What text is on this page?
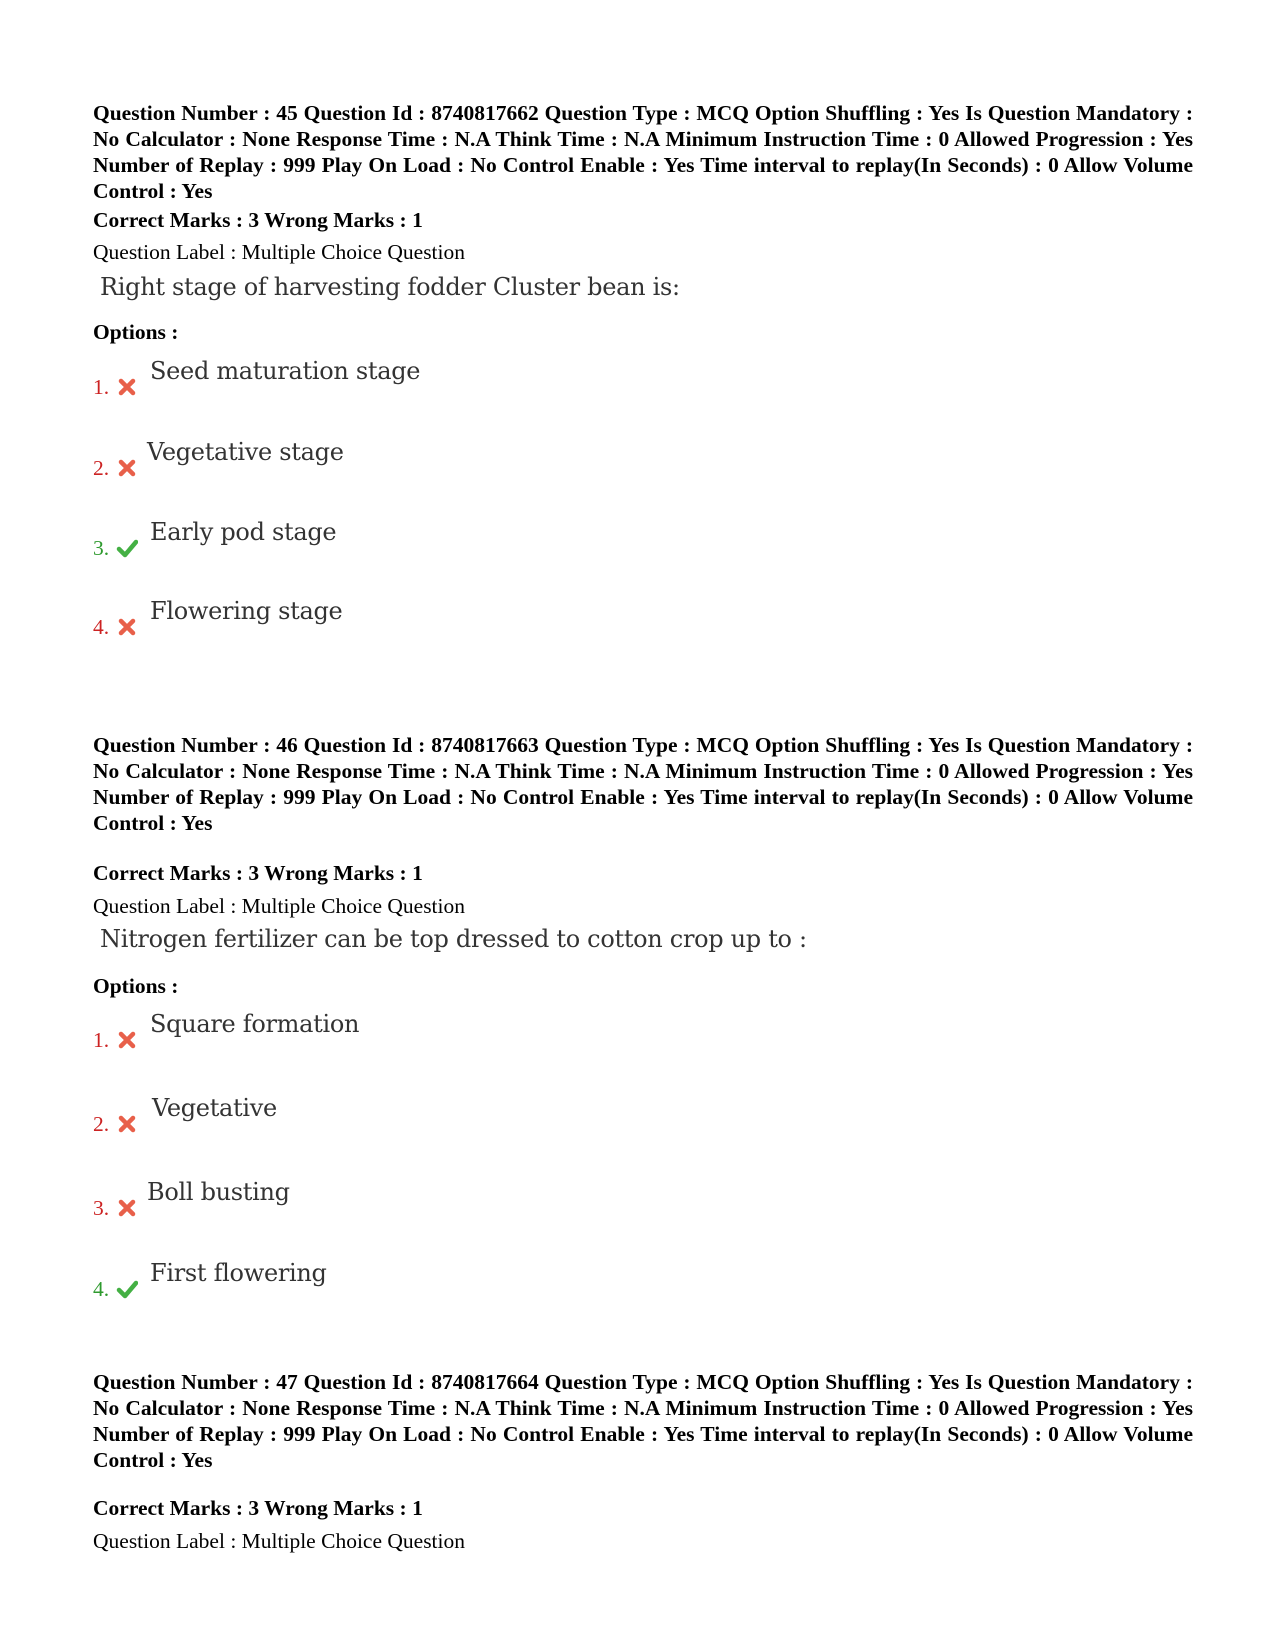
Question Number : 45 Question Id : 8740817662 Question Type : MCQ Option Shuffling : Yes Is Question Mandatory : No Calculator : None Response Time : N.A Think Time : N.A Minimum Instruction Time : 0 Allowed Progression : Yes Number of Replay : 999 Play On Load : No Control Enable : Yes Time interval to replay(In Seconds) : 0 Allow Volume Control : Yes

Correct Marks : 3 Wrong Marks : 1
Question Label : Multiple Choice Question
Right stage of harvesting fodder Cluster bean is:
Options :
1.
Seed maturation stage
2.
Vegetative stage
3.
Early pod stage
4.
Flowering stage

Question Number : 46 Question Id : 8740817663 Question Type : MCQ Option Shuffling : Yes Is Question Mandatory : No Calculator : None Response Time : N.A Think Time : N.A Minimum Instruction Time : 0 Allowed Progression : Yes Number of Replay : 999 Play On Load : No Control Enable : Yes Time interval to replay(In Seconds) : 0 Allow Volume Control : Yes

Correct Marks : 3 Wrong Marks : 1
Question Label : Multiple Choice Question
Nitrogen fertilizer can be top dressed to cotton crop up to :
Options :
1.
Square formation
2.
Vegetative
3.
Boll busting
4.
First flowering

Question Number : 47 Question Id : 8740817664 Question Type : MCQ Option Shuffling : Yes Is Question Mandatory : No Calculator : None Response Time : N.A Think Time : N.A Minimum Instruction Time : 0 Allowed Progression : Yes Number of Replay : 999 Play On Load : No Control Enable : Yes Time interval to replay(In Seconds) : 0 Allow Volume Control : Yes

Correct Marks : 3 Wrong Marks : 1
Question Label : Multiple Choice Question
